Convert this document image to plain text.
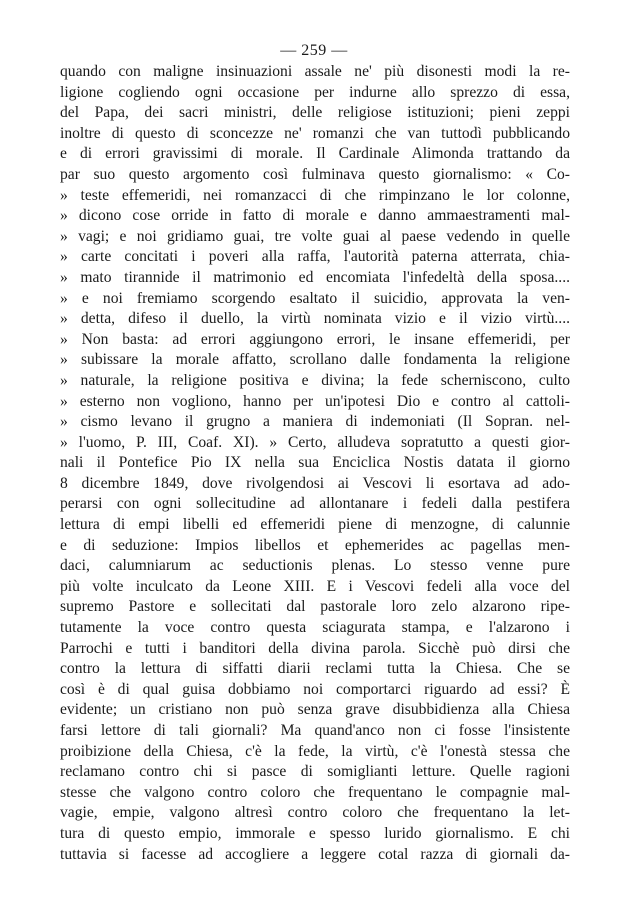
— 259 —
quando con maligne insinuazioni assale ne' più disonesti modi la re-
ligione cogliendo ogni occasione per indurne allo sprezzo di essa,
del Papa, dei sacri ministri, delle religiose istituzioni; pieni zeppi
inoltre di questo di sconcezze ne' romanzi che van tuttodì pubblicando
e di errori gravissimi di morale. Il Cardinale Alimonda trattando da
par suo questo argomento così fulminava questo giornalismo: « Co-
» teste effemeridi, nei romanzacci di che rimpinzano le lor colonne,
» dicono cose orride in fatto di morale e danno ammaestramenti mal-
» vagi; e noi gridiamo guai, tre volte guai al paese vedendo in quelle
» carte concitati i poveri alla raffa, l'autorità paterna atterrata, chia-
» mato tirannide il matrimonio ed encomiata l'infedeltà della sposa....
» e noi fremiamo scorgendo esaltato il suicidio, approvata la ven-
» detta, difeso il duello, la virtù nominata vizio e il vizio virtù....
» Non basta: ad errori aggiungono errori, le insane effemeridi, per
» subissare la morale affatto, scrollano dalle fondamenta la religione
» naturale, la religione positiva e divina; la fede scherniscono, culto
» esterno non vogliono, hanno per un'ipotesi Dio e contro al cattoli-
» cismo levano il grugno a maniera di indemoniati (Il Sopran. nel-
» l'uomo, P. III, Coaf. XI). » Certo, alludeva sopratutto a questi gior-
nali il Pontefice Pio IX nella sua Enciclica Nostis datata il giorno
8 dicembre 1849, dove rivolgendosi ai Vescovi li esortava ad ado-
perarsi con ogni sollecitudine ad allontanare i fedeli dalla pestifera
lettura di empi libelli ed effemeridi piene di menzogne, di calunnie
e di seduzione: Impios libellos et ephemerides ac pagellas men-
daci, calumniarum ac seductionis plenas. Lo stesso venne pure
più volte inculcato da Leone XIII. E i Vescovi fedeli alla voce del
supremo Pastore e sollecitati dal pastorale loro zelo alzarono ripe-
tutamente la voce contro questa sciagurata stampa, e l'alzarono i
Parrochi e tutti i banditori della divina parola. Sicchè può dirsi che
contro la lettura di siffatti diarii reclami tutta la Chiesa. Che se
così è di qual guisa dobbiamo noi comportarci riguardo ad essi? È
evidente; un cristiano non può senza grave disubbidienza alla Chiesa
farsi lettore di tali giornali? Ma quand'anco non ci fosse l'insistente
proibizione della Chiesa, c'è la fede, la virtù, c'è l'onestà stessa che
reclamano contro chi si pasce di somiglianti letture. Quelle ragioni
stesse che valgono contro coloro che frequentano le compagnie mal-
vagie, empie, valgono altresì contro coloro che frequentano la let-
tura di questo empio, immorale e spesso lurido giornalismo. E chi
tuttavia si facesse ad accogliere a leggere cotal razza di giornali da-
